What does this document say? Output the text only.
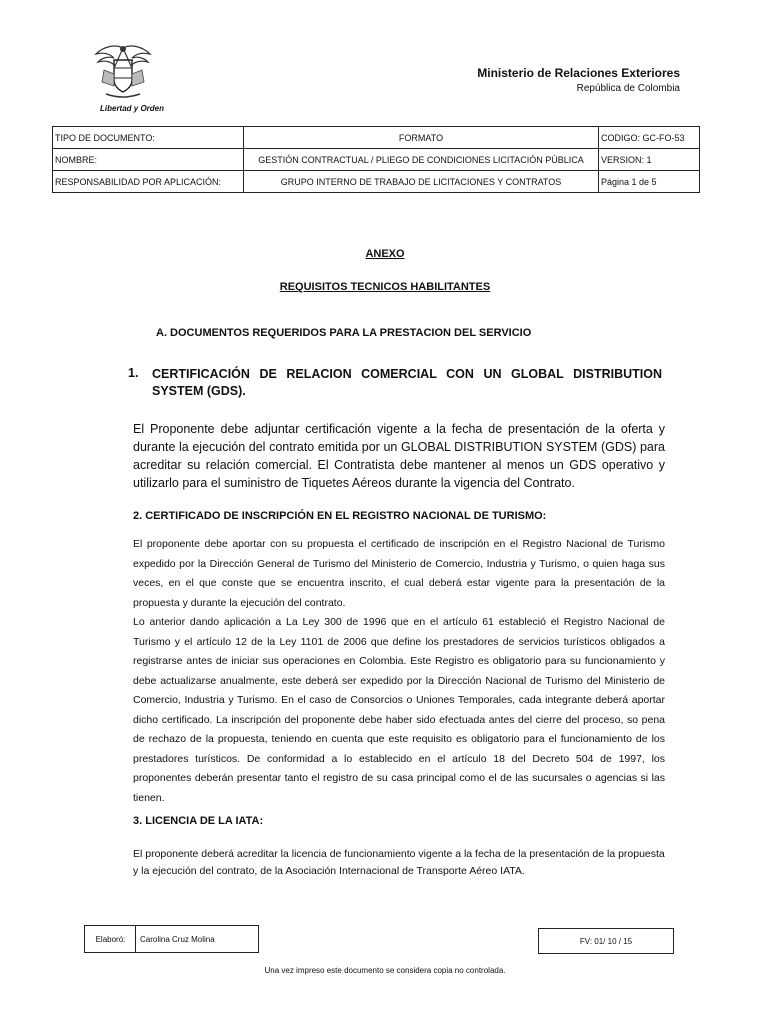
Libertad y Orden
Ministerio de Relaciones Exteriores
República de Colombia
TIPO DE DOCUMENTO:	FORMATO	CODIGO: GC-FO-53
NOMBRE:	GESTIÓN CONTRACTUAL / PLIEGO DE CONDICIONES LICITACIÓN PÚBLICA	VERSION: 1
RESPONSABILIDAD POR APLICACIÓN:	GRUPO INTERNO DE TRABAJO DE LICITACIONES Y CONTRATOS	Página 1 de 5
ANEXO
REQUISITOS TECNICOS HABILITANTES
A. DOCUMENTOS REQUERIDOS PARA LA PRESTACION DEL SERVICIO
1. CERTIFICACIÓN DE RELACION COMERCIAL CON UN GLOBAL DISTRIBUTION SYSTEM (GDS).
El Proponente debe adjuntar certificación vigente a la fecha de presentación de la oferta y durante la ejecución del contrato emitida por un GLOBAL DISTRIBUTION SYSTEM (GDS) para acreditar su relación comercial. El Contratista debe mantener al menos un GDS operativo y utilizarlo para el suministro de Tiquetes Aéreos durante la vigencia del Contrato.
2. CERTIFICADO DE INSCRIPCIÓN EN EL REGISTRO NACIONAL DE TURISMO:
El proponente debe aportar con su propuesta el certificado de inscripción en el Registro Nacional de Turismo expedido por la Dirección General de Turismo del Ministerio de Comercio, Industria y Turismo, o quien haga sus veces, en el que conste que se encuentra inscrito, el cual deberá estar vigente para la presentación de la propuesta y durante la ejecución del contrato.
Lo anterior dando aplicación a La Ley 300 de 1996 que en el artículo 61 estableció el Registro Nacional de Turismo y el artículo 12 de la Ley 1101 de 2006 que define los prestadores de servicios turísticos obligados a registrarse antes de iniciar sus operaciones en Colombia. Este Registro es obligatorio para su funcionamiento y debe actualizarse anualmente, este deberá ser expedido por la Dirección Nacional de Turismo del Ministerio de Comercio, Industria y Turismo. En el caso de Consorcios o Uniones Temporales, cada integrante deberá aportar dicho certificado. La inscripción del proponente debe haber sido efectuada antes del cierre del proceso, so pena de rechazo de la propuesta, teniendo en cuenta que este requisito es obligatorio para el funcionamiento de los prestadores turísticos. De conformidad a lo establecido en el artículo 18 del Decreto 504 de 1997, los proponentes deberán presentar tanto el registro de su casa principal como el de las sucursales o agencias si las tienen.
3. LICENCIA DE LA IATA:
El proponente deberá acreditar la licencia de funcionamiento vigente a la fecha de la presentación de la propuesta y la ejecución del contrato, de la Asociación Internacional de Transporte Aéreo IATA.
Elaboró:	Carolina Cruz Molina	FV: 01/ 10 / 15
Una vez impreso este documento se considera copia no controlada.
